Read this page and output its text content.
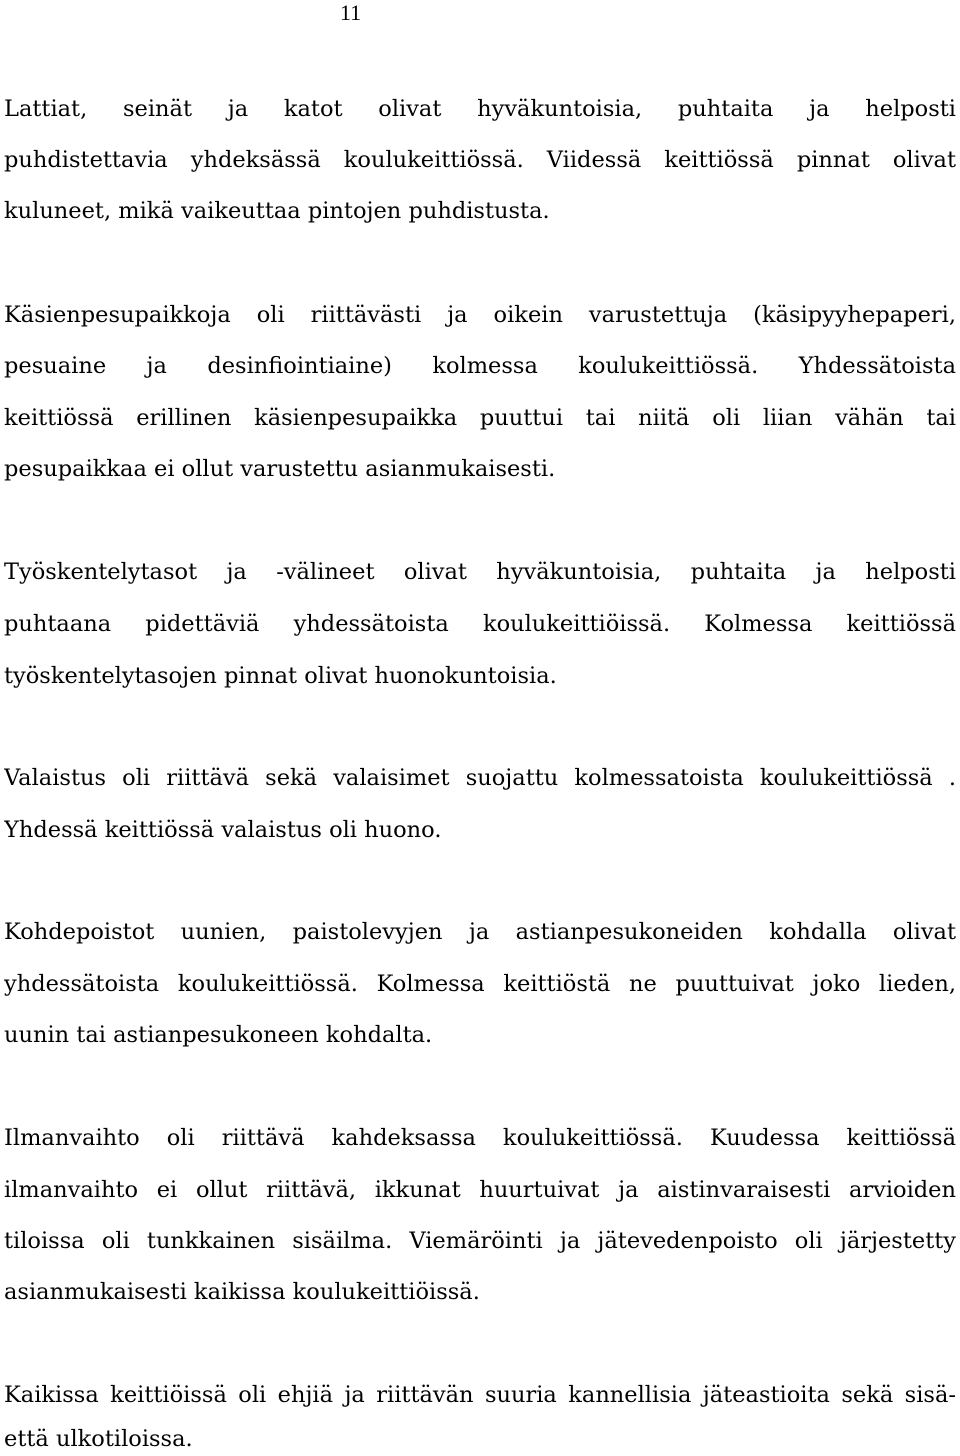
11
Lattiat, seinät ja katot olivat hyväkuntoisia, puhtaita ja helposti
puhdistettavia yhdeksässä koulukeittiössä. Viidessä keittiössä pinnat olivat
kuluneet, mikä vaikeuttaa pintojen puhdistusta.
Käsienpesupaikkoja oli riittävästi ja oikein varustettuja (käsipyyhepaperi,
pesuaine ja desinfiointiaine) kolmessa koulukeittiössä. Yhdessätoista
keittiössä erillinen käsienpesupaikka puuttui tai niitä oli liian vähän tai
pesupaikkaa ei ollut varustettu asianmukaisesti.
Työskentelytasot ja -välineet olivat hyväkuntoisia, puhtaita ja helposti
puhtaana pidettäviä yhdessätoista koulukeittiöissä. Kolmessa keittiössä
työskentelytasojen pinnat olivat huonokuntoisia.
Valaistus oli riittävä sekä valaisimet suojattu kolmessatoista koulukeittiössä .
Yhdessä keittiössä valaistus oli huono.
Kohdepoistot uunien, paistolevyjen ja astianpesukoneiden kohdalla olivat
yhdessätoista koulukeittiössä. Kolmessa keittiöstä ne puuttuivat joko lieden,
uunin tai astianpesukoneen kohdalta.
Ilmanvaihto oli riittävä kahdeksassa koulukeittiössä. Kuudessa keittiössä
ilmanvaihto ei ollut riittävä, ikkunat huurtuivat ja aistinvaraisesti arvioiden
tiloissa oli tunkkainen sisäilma. Viemäröinti ja jätevedenpoisto oli järjestetty
asianmukaisesti kaikissa koulukeittiöissä.
Kaikissa keittiöissä oli ehjiä ja riittävän suuria kannellisia jäteastioita sekä sisä-
että ulkotiloissa.
